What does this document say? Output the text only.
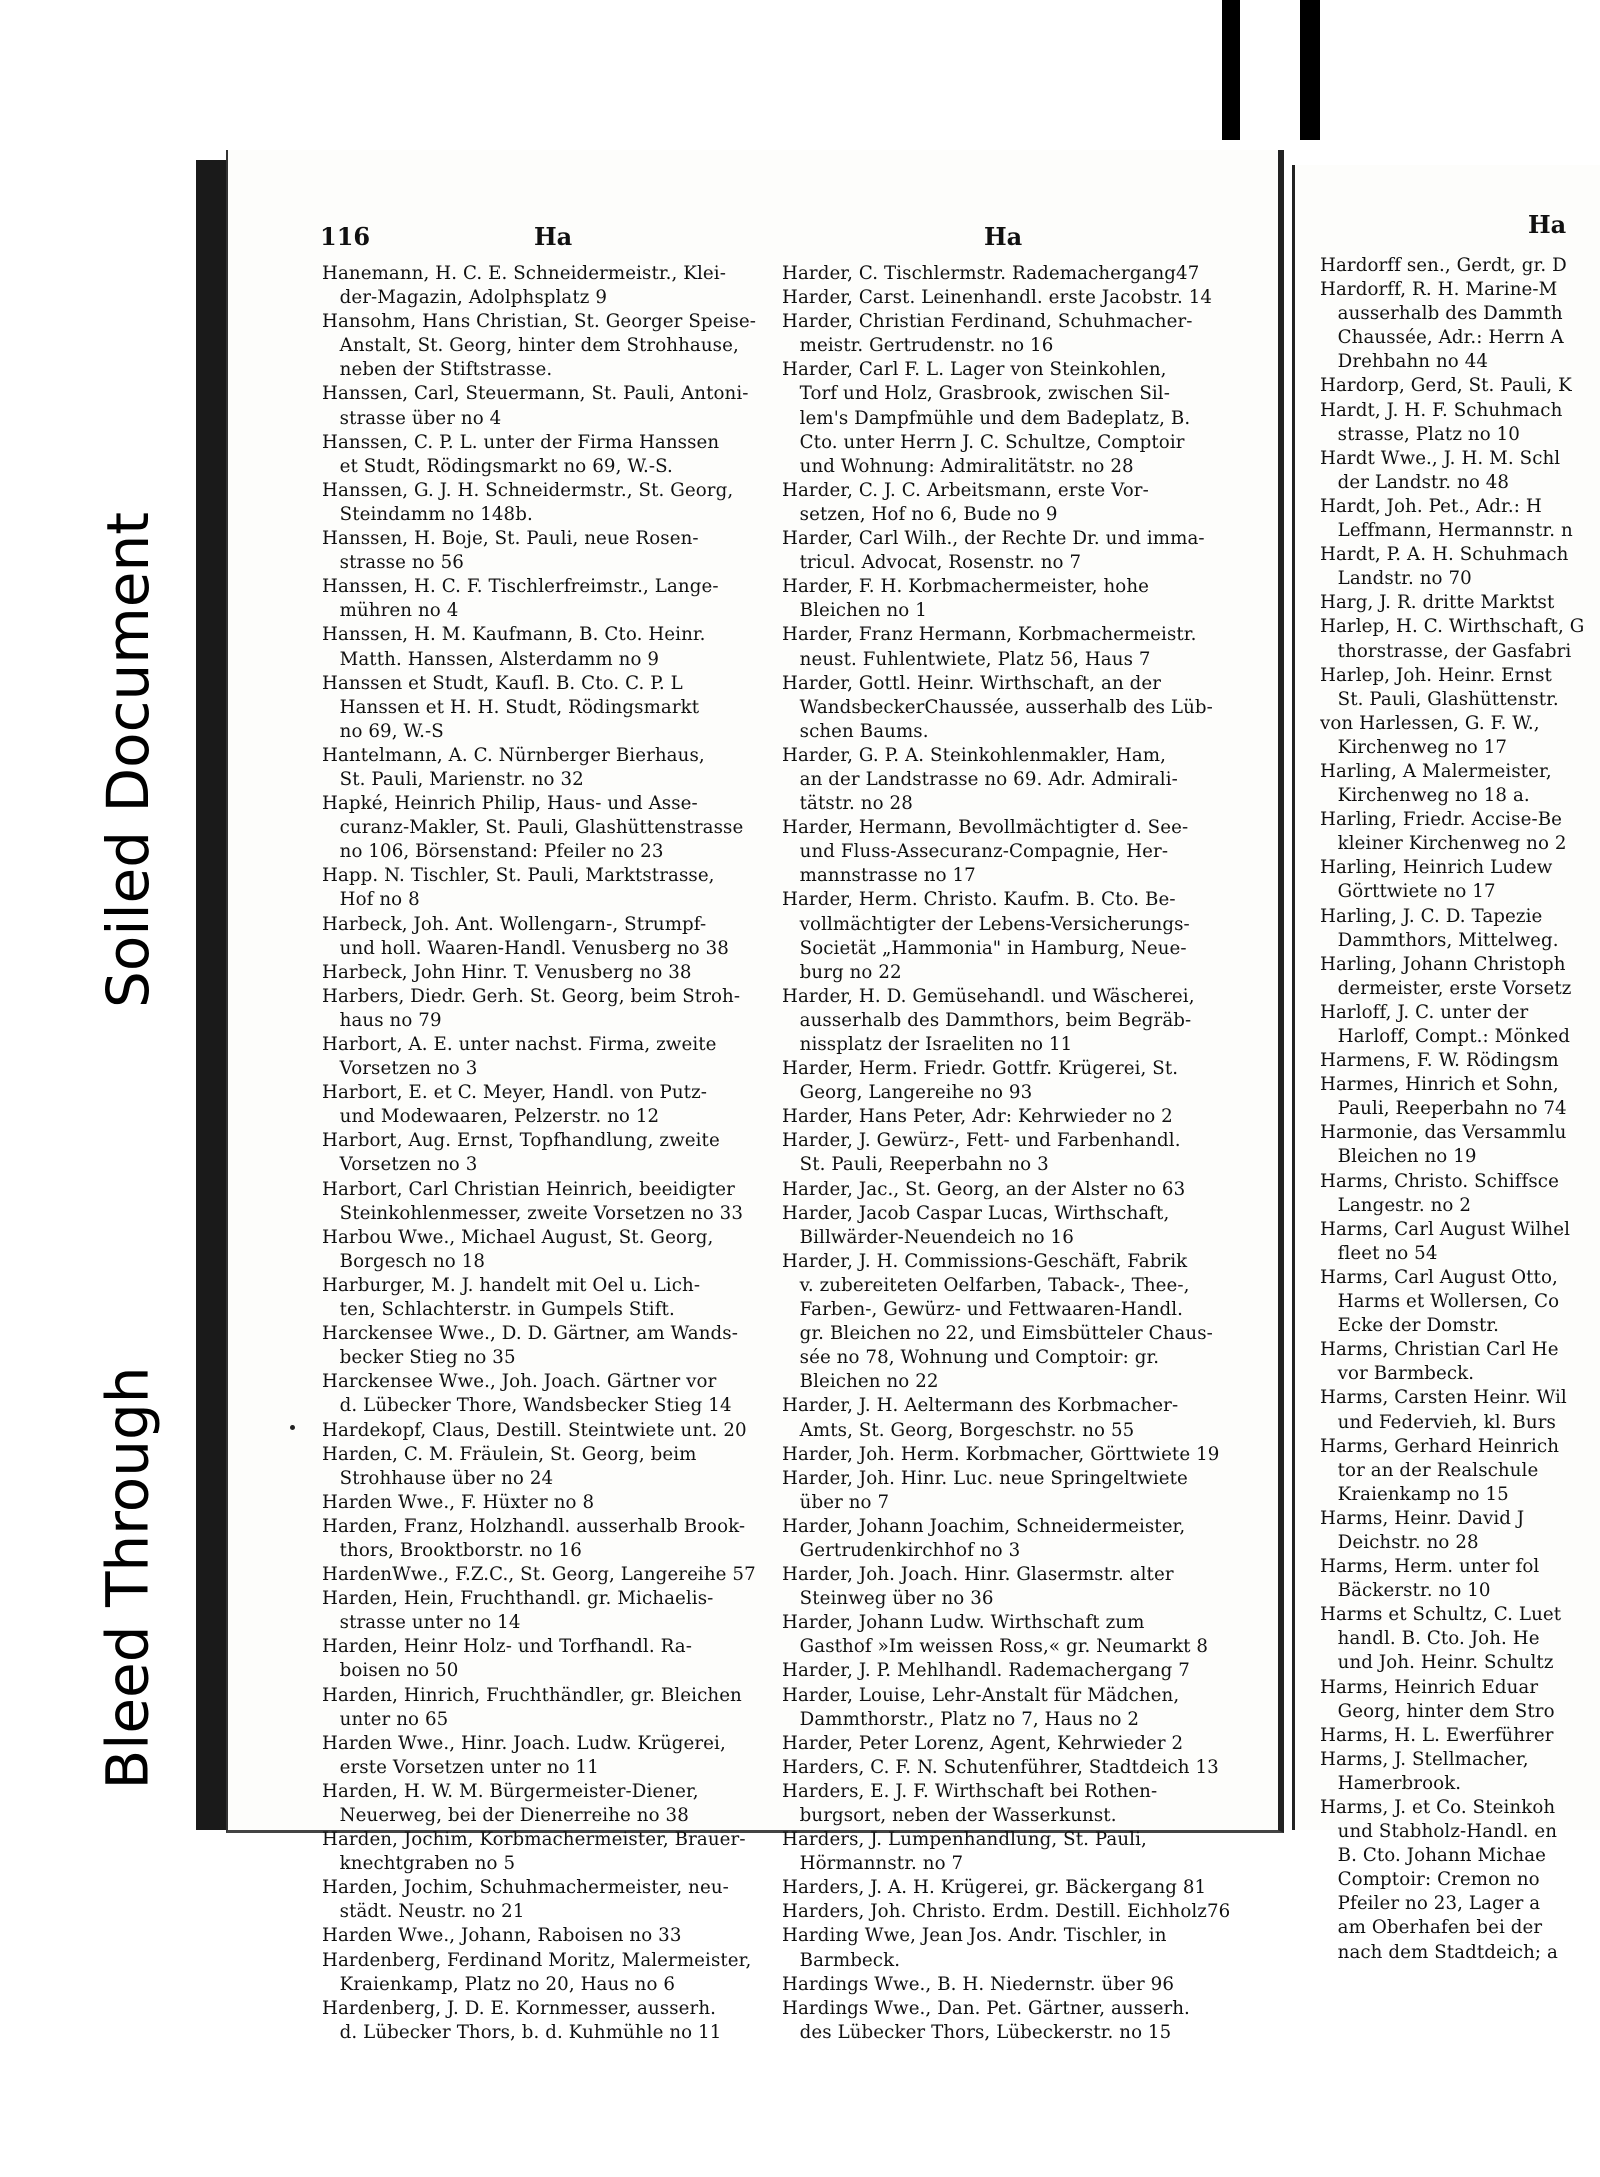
Soiled Document
Bleed Through
116	Ha	Ha	Ha
Hanemann, H. C. E. Schneidermeistr., Klei-
der-Magazin, Adolphsplatz 9
Hansohm, Hans Christian, St. Georger Speise-
Anstalt, St. Georg, hinter dem Strohhause,
neben der Stiftstrasse.
Hanssen, Carl, Steuermann, St. Pauli, Antoni-
strasse über no 4
Hanssen, C. P. L. unter der Firma Hanssen
et Studt, Rödingsmarkt no 69, W.-S.
Hanssen, G. J. H. Schneidermstr., St. Georg,
Steindamm no 148b.
Hanssen, H. Boje, St. Pauli, neue Rosen-
strasse no 56
Hanssen, H. C. F. Tischlerfreimstr., Lange-
mühren no 4
Hanssen, H. M. Kaufmann, B. Cto. Heinr.
Matth. Hanssen, Alsterdamm no 9
Hanssen et Studt, Kaufl. B. Cto. C. P. L
Hanssen et H. H. Studt, Rödingsmarkt
no 69, W.-S
Hantelmann, A. C. Nürnberger Bierhaus,
St. Pauli, Marienstr. no 32
Hapké, Heinrich Philip, Haus- und Asse-
curanz-Makler, St. Pauli, Glashüttenstrasse
no 106, Börsenstand: Pfeiler no 23
Happ. N. Tischler, St. Pauli, Marktstrasse,
Hof no 8
Harbeck, Joh. Ant. Wollengarn-, Strumpf-
und holl. Waaren-Handl. Venusberg no 38
Harbeck, John Hinr. T. Venusberg no 38
Harbers, Diedr. Gerh. St. Georg, beim Stroh-
haus no 79
Harbort, A. E. unter nachst. Firma, zweite
Vorsetzen no 3
Harbort, E. et C. Meyer, Handl. von Putz-
und Modewaaren, Pelzerstr. no 12
Harbort, Aug. Ernst, Topfhandlung, zweite
Vorsetzen no 3
Harbort, Carl Christian Heinrich, beeidigter
Steinkohlenmesser, zweite Vorsetzen no 33
Harbou Wwe., Michael August, St. Georg,
Borgesch no 18
Harburger, M. J. handelt mit Oel u. Lich-
ten, Schlachterstr. in Gumpels Stift.
Harckensee Wwe., D. D. Gärtner, am Wands-
becker Stieg no 35
Harckensee Wwe., Joh. Joach. Gärtner vor
d. Lübecker Thore, Wandsbecker Stieg 14
Hardekopf, Claus, Destill. Steintwiete unt. 20
Harden, C. M. Fräulein, St. Georg, beim
Strohhause über no 24
Harden Wwe., F. Hüxter no 8
Harden, Franz, Holzhandl. ausserhalb Brook-
thors, Brooktborstr. no 16
HardenWwe., F.Z.C., St. Georg, Langereihe 57
Harden, Hein, Fruchthandl. gr. Michaelis-
strasse unter no 14
Harden, Heinr Holz- und Torfhandl. Ra-
boisen no 50
Harden, Hinrich, Fruchthändler, gr. Bleichen
unter no 65
Harden Wwe., Hinr. Joach. Ludw. Krügerei,
erste Vorsetzen unter no 11
Harden, H. W. M. Bürgermeister-Diener,
Neuerweg, bei der Dienerreihe no 38
Harden, Jochim, Korbmachermeister, Brauer-
knechtgraben no 5
Harden, Jochim, Schuhmachermeister, neu-
städt. Neustr. no 21
Harden Wwe., Johann, Raboisen no 33
Hardenberg, Ferdinand Moritz, Malermeister,
Kraienkamp, Platz no 20, Haus no 6
Hardenberg, J. D. E. Kornmesser, ausserh.
d. Lübecker Thors, b. d. Kuhmühle no 11
Harder, C. Tischlermstr. Rademachergang47
Harder, Carst. Leinenhandl. erste Jacobstr. 14
Harder, Christian Ferdinand, Schuhmacher-
meistr. Gertrudenstr. no 16
Harder, Carl F. L. Lager von Steinkohlen,
Torf und Holz, Grasbrook, zwischen Sil-
lem's Dampfmühle und dem Badeplatz, B.
Cto. unter Herrn J. C. Schultze, Comptoir
und Wohnung: Admiralitätstr. no 28
Harder, C. J. C. Arbeitsmann, erste Vor-
setzen, Hof no 6, Bude no 9
Harder, Carl Wilh., der Rechte Dr. und imma-
tricul. Advocat, Rosenstr. no 7
Harder, F. H. Korbmachermeister, hohe
Bleichen no 1
Harder, Franz Hermann, Korbmachermeistr.
neust. Fuhlentwiete, Platz 56, Haus 7
Harder, Gottl. Heinr. Wirthschaft, an der
WandsbeckerChaussée, ausserhalb des Lüb-
schen Baums.
Harder, G. P. A. Steinkohlenmakler, Ham,
an der Landstrasse no 69. Adr. Admirali-
tätstr. no 28
Harder, Hermann, Bevollmächtigter d. See-
und Fluss-Assecuranz-Compagnie, Her-
mannstrasse no 17
Harder, Herm. Christo. Kaufm. B. Cto. Be-
vollmächtigter der Lebens-Versicherungs-
Societät „Hammonia" in Hamburg, Neue-
burg no 22
Harder, H. D. Gemüsehandl. und Wäscherei,
ausserhalb des Dammthors, beim Begräb-
nissplatz der Israeliten no 11
Harder, Herm. Friedr. Gottfr. Krügerei, St.
Georg, Langereihe no 93
Harder, Hans Peter, Adr: Kehrwieder no 2
Harder, J. Gewürz-, Fett- und Farbenhandl.
St. Pauli, Reeperbahn no 3
Harder, Jac., St. Georg, an der Alster no 63
Harder, Jacob Caspar Lucas, Wirthschaft,
Billwärder-Neuendeich no 16
Harder, J. H. Commissions-Geschäft, Fabrik
v. zubereiteten Oelfarben, Taback-, Thee-,
Farben-, Gewürz- und Fettwaaren-Handl.
gr. Bleichen no 22, und Eimsbütteler Chaus-
sée no 78, Wohnung und Comptoir: gr.
Bleichen no 22
Harder, J. H. Aeltermann des Korbmacher-
Amts, St. Georg, Borgeschstr. no 55
Harder, Joh. Herm. Korbmacher, Görttwiete 19
Harder, Joh. Hinr. Luc. neue Springeltwiete
über no 7
Harder, Johann Joachim, Schneidermeister,
Gertrudenkirchhof no 3
Harder, Joh. Joach. Hinr. Glasermstr. alter
Steinweg über no 36
Harder, Johann Ludw. Wirthschaft zum
Gasthof »Im weissen Ross,« gr. Neumarkt 8
Harder, J. P. Mehlhandl. Rademachergang 7
Harder, Louise, Lehr-Anstalt für Mädchen,
Dammthorstr., Platz no 7, Haus no 2
Harder, Peter Lorenz, Agent, Kehrwieder 2
Harders, C. F. N. Schutenführer, Stadtdeich 13
Harders, E. J. F. Wirthschaft bei Rothen-
burgsort, neben der Wasserkunst.
Harders, J. Lumpenhandlung, St. Pauli,
Hörmannstr. no 7
Harders, J. A. H. Krügerei, gr. Bäckergang 81
Harders, Joh. Christo. Erdm. Destill. Eichholz76
Harding Wwe, Jean Jos. Andr. Tischler, in
Barmbeck.
Hardings Wwe., B. H. Niedernstr. über 96
Hardings Wwe., Dan. Pet. Gärtner, ausserh.
des Lübecker Thors, Lübeckerstr. no 15
Hardorff sen., Gerdt, gr. D
Hardorff, R. H. Marine-M
ausserhalb des Dammth
Chaussée, Adr.: Herrn A
Drehbahn no 44
Hardorp, Gerd, St. Pauli, K
Hardt, J. H. F. Schuhmach
strasse, Platz no 10
Hardt Wwe., J. H. M. Schl
der Landstr. no 48
Hardt, Joh. Pet., Adr.: H
Leffmann, Hermannstr. n
Hardt, P. A. H. Schuhmach
Landstr. no 70
Harg, J. R. dritte Marktst
Harlep, H. C. Wirthschaft, G
thorstrasse, der Gasfabri
Harlep, Joh. Heinr. Ernst
St. Pauli, Glashüttenstr.
von Harlessen, G. F. W.,
Kirchenweg no 17
Harling, A Malermeister,
Kirchenweg no 18 a.
Harling, Friedr. Accise-Be
kleiner Kirchenweg no 2
Harling, Heinrich Ludew
Görttwiete no 17
Harling, J. C. D. Tapezie
Dammthors, Mittelweg.
Harling, Johann Christoph
dermeister, erste Vorsetz
Harloff, J. C. unter der
Harloff, Compt.: Mönked
Harmens, F. W. Rödingsm
Harmes, Hinrich et Sohn,
Pauli, Reeperbahn no 74
Harmonie, das Versammlu
Bleichen no 19
Harms, Christo. Schiffsce
Langestr. no 2
Harms, Carl August Wilhel
fleet no 54
Harms, Carl August Otto,
Harms et Wollersen, Co
Ecke der Domstr.
Harms, Christian Carl He
vor Barmbeck.
Harms, Carsten Heinr. Wil
und Federvieh, kl. Burs
Harms, Gerhard Heinrich
tor an der Realschule
Kraienkamp no 15
Harms, Heinr. David J
Deichstr. no 28
Harms, Herm. unter fol
Bäckerstr. no 10
Harms et Schultz, C. Luet
handl. B. Cto. Joh. He
und Joh. Heinr. Schultz
Harms, Heinrich Eduar
Georg, hinter dem Stro
Harms, H. L. Ewerführer
Harms, J. Stellmacher,
Hamerbrook.
Harms, J. et Co. Steinkoh
und Stabholz-Handl. en
B. Cto. Johann Michae
Comptoir: Cremon no
Pfeiler no 23, Lager a
am Oberhafen bei der
nach dem Stadtdeich; a
